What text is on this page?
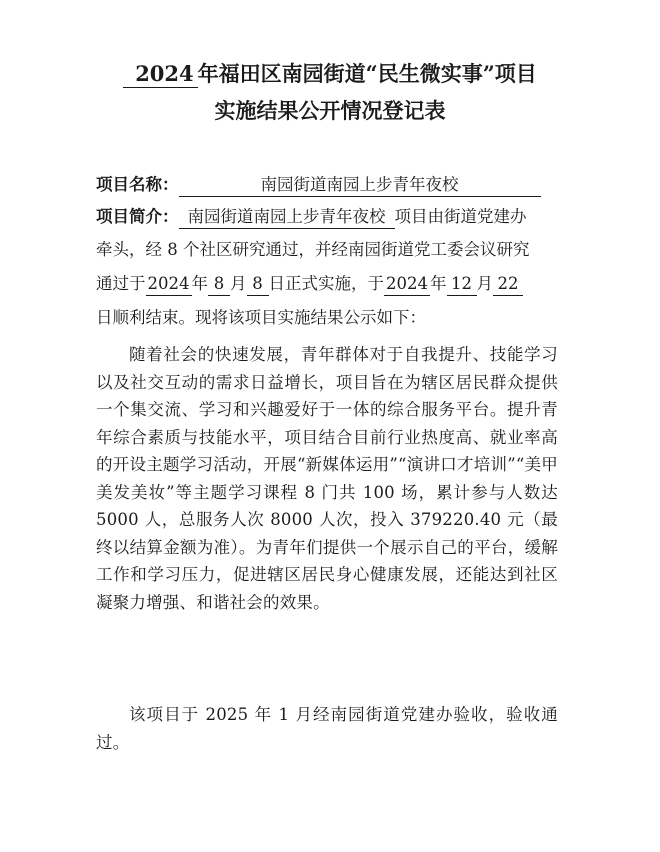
2024 年福田区南园街道“民生微实事”项目
实施结果公开情况登记表
项目名称：	南园街道南园上步青年夜校
项目简介： 南园街道南园上步青年夜校 项目由街道党建办
牵头，经 8 个社区研究通过，并经南园街道党工委会议研究
通过于 2024 年 8 月 8 日正式实施，于 2024 年 12 月 22
日顺利结束。现将该项目实施结果公示如下：
随着社会的快速发展，青年群体对于自我提升、技能学习以及社交互动的需求日益增长，项目旨在为辖区居民群众提供一个集交流、学习和兴趣爱好于一体的综合服务平台。提升青年综合素质与技能水平，项目结合目前行业热度高、就业率高的开设主题学习活动，开展“新媒体运用”“演讲口才培训”“美甲美发美妆”等主题学习课程 8 门共 100 场，累计参与人数达 5000 人，总服务人次 8000 人次，投入 379220.40 元（最终以结算金额为准）。为青年们提供一个展示自己的平台，缓解工作和学习压力，促进辖区居民身心健康发展，还能达到社区凝聚力增强、和谐社会的效果。
该项目于 2025 年 1 月经南园街道党建办验收，验收通过。
